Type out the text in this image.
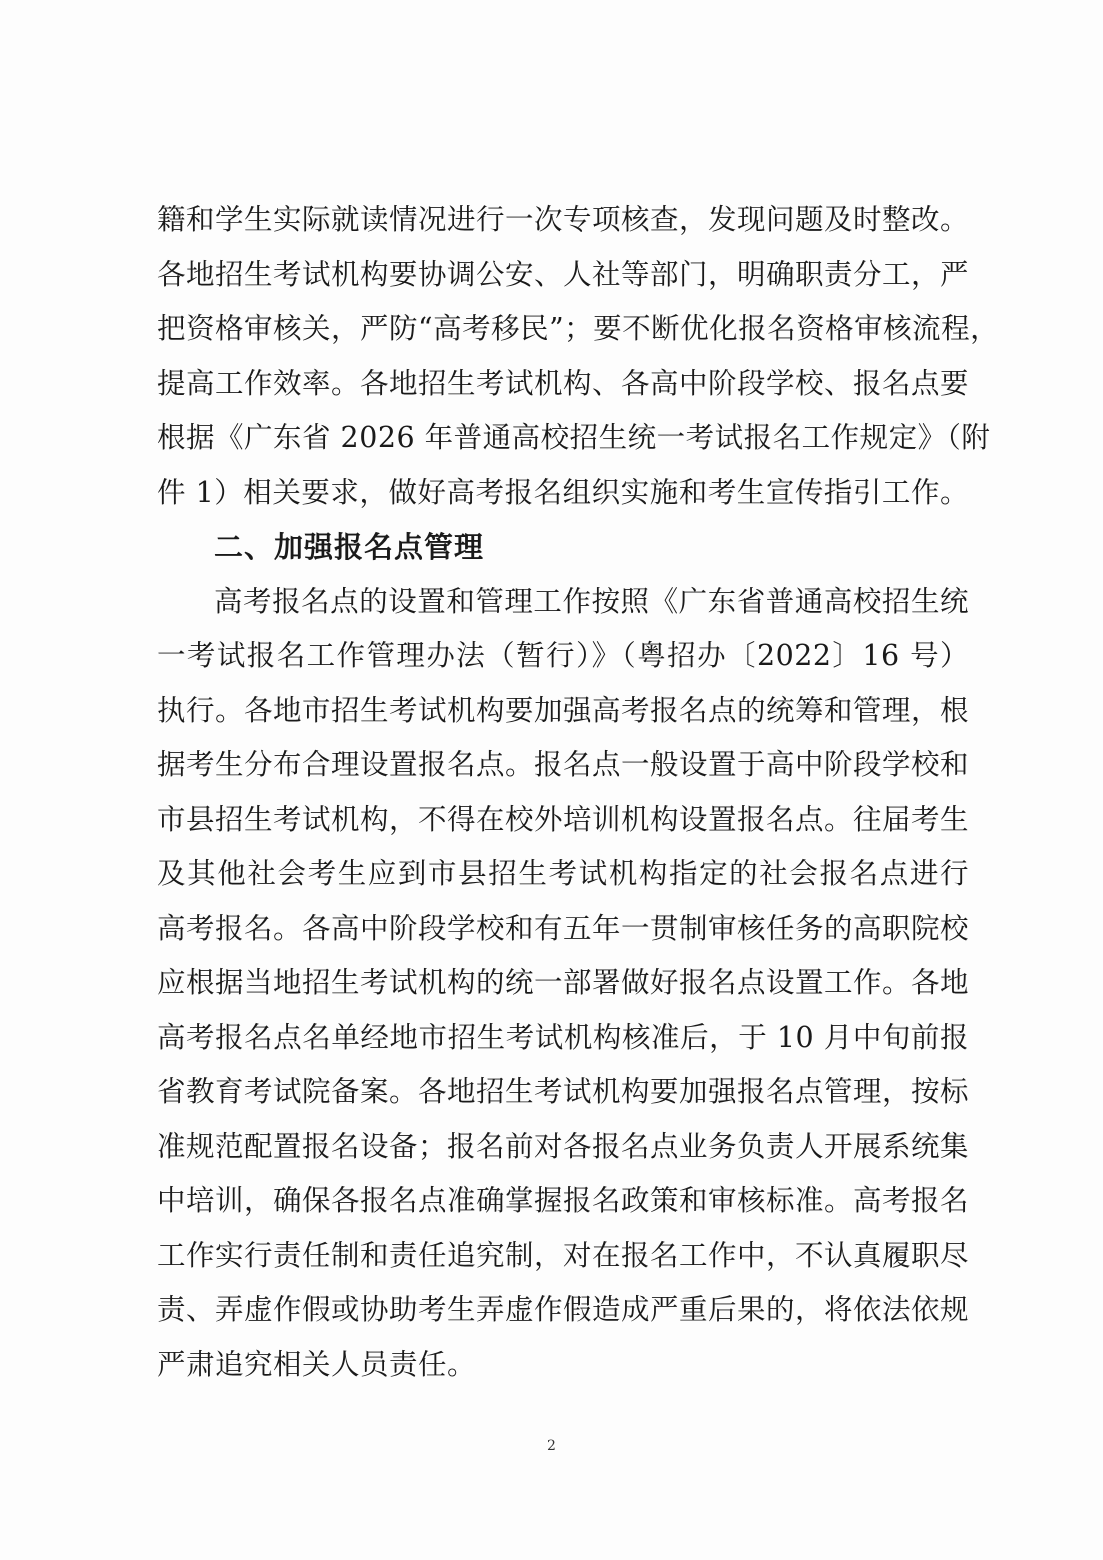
籍和学生实际就读情况进行一次专项核查，发现问题及时整改。
各地招生考试机构要协调公安、人社等部门，明确职责分工，严
把资格审核关，严防“高考移民”；要不断优化报名资格审核流程，
提高工作效率。各地招生考试机构、各高中阶段学校、报名点要
根据《广东省 2026 年普通高校招生统一考试报名工作规定》（附
件 1）相关要求，做好高考报名组织实施和考生宣传指引工作。
二、加强报名点管理
高考报名点的设置和管理工作按照《广东省普通高校招生统
一考试报名工作管理办法（暂行）》（粤招办〔2022〕16 号）
执行。各地市招生考试机构要加强高考报名点的统筹和管理，根
据考生分布合理设置报名点。报名点一般设置于高中阶段学校和
市县招生考试机构，不得在校外培训机构设置报名点。往届考生
及其他社会考生应到市县招生考试机构指定的社会报名点进行
高考报名。各高中阶段学校和有五年一贯制审核任务的高职院校
应根据当地招生考试机构的统一部署做好报名点设置工作。各地
高考报名点名单经地市招生考试机构核准后，于 10 月中旬前报
省教育考试院备案。各地招生考试机构要加强报名点管理，按标
准规范配置报名设备；报名前对各报名点业务负责人开展系统集
中培训，确保各报名点准确掌握报名政策和审核标准。高考报名
工作实行责任制和责任追究制，对在报名工作中，不认真履职尽
责、弄虚作假或协助考生弄虚作假造成严重后果的，将依法依规
严肃追究相关人员责任。
2
